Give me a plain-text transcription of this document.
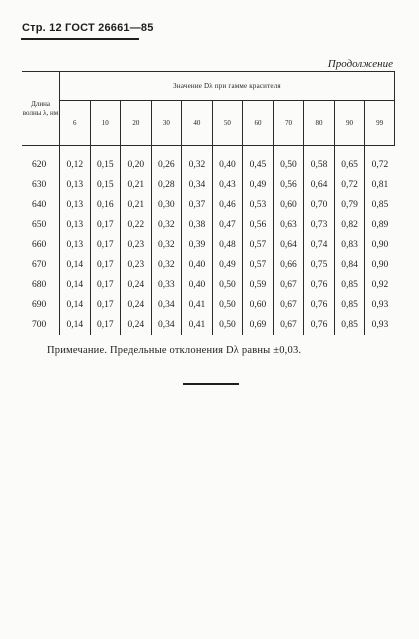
Стр. 12 ГОСТ 26661—85
Продолжение
Длина волны λ, нм	Значение Dλ при гамме красителя										
	6	10	20	30	40	50	60	70	80	90	99
620	0,12	0,15	0,20	0,26	0,32	0,40	0,45	0,50	0,58	0,65	0,72
630	0,13	0,15	0,21	0,28	0,34	0,43	0,49	0,56	0,64	0,72	0,81
640	0,13	0,16	0,21	0,30	0,37	0,46	0,53	0,60	0,70	0,79	0,85
650	0,13	0,17	0,22	0,32	0,38	0,47	0,56	0,63	0,73	0,82	0,89
660	0,13	0,17	0,23	0,32	0,39	0,48	0,57	0,64	0,74	0,83	0,90
670	0,14	0,17	0,23	0,32	0,40	0,49	0,57	0,66	0,75	0,84	0,90
680	0,14	0,17	0,24	0,33	0,40	0,50	0,59	0,67	0,76	0,85	0,92
690	0,14	0,17	0,24	0,34	0,41	0,50	0,60	0,67	0,76	0,85	0,93
700	0,14	0,17	0,24	0,34	0,41	0,50	0,69	0,67	0,76	0,85	0,93
Примечание. Предельные отклонения Dλ равны ±0,03.
